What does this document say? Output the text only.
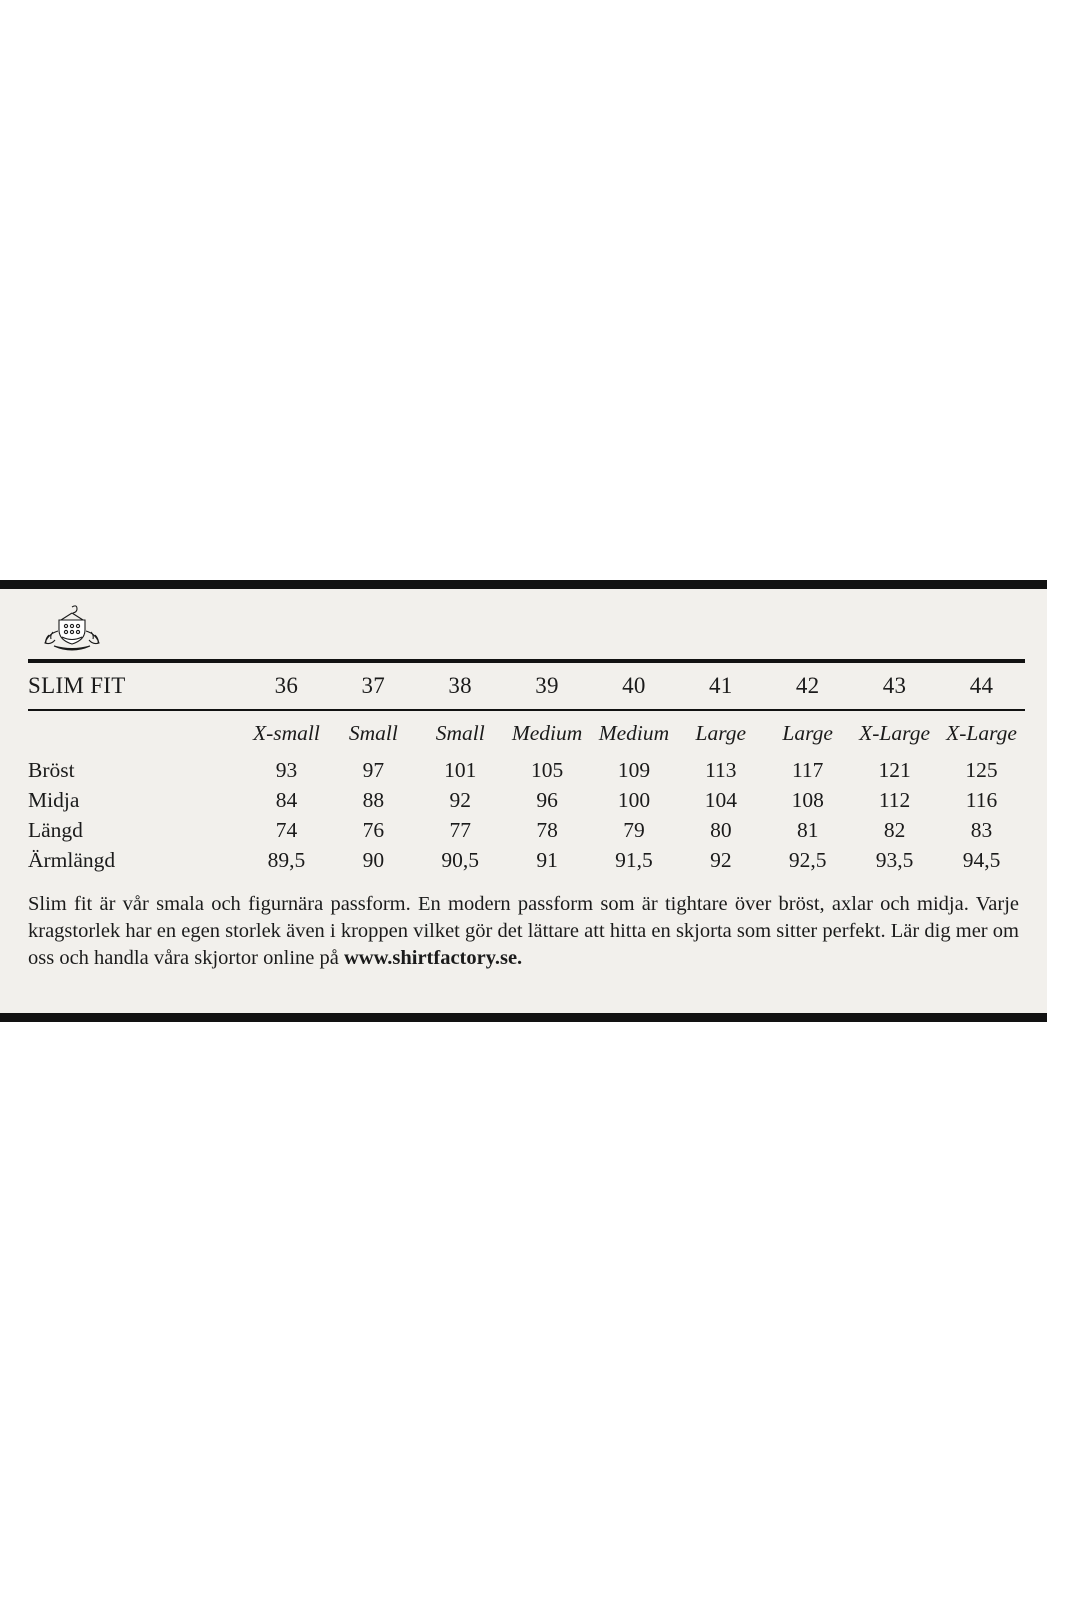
SLIM FIT	36	37	38	39	40	41	42	43	44
	X-small	Small	Small	Medium	Medium	Large	Large	X-Large	X-Large
Bröst	93	97	101	105	109	113	117	121	125
Midja	84	88	92	96	100	104	108	112	116
Längd	74	76	77	78	79	80	81	82	83
Ärmlängd	89,5	90	90,5	91	91,5	92	92,5	93,5	94,5

Slim fit är vår smala och figurnära passform. En modern passform som är tightare över bröst, axlar och midja. Varje kragstorlek har en egen storlek även i kroppen vilket gör det lättare att hitta en skjorta som sitter perfekt. Lär dig mer om oss och handla våra skjortor online på www.shirtfactory.se.
